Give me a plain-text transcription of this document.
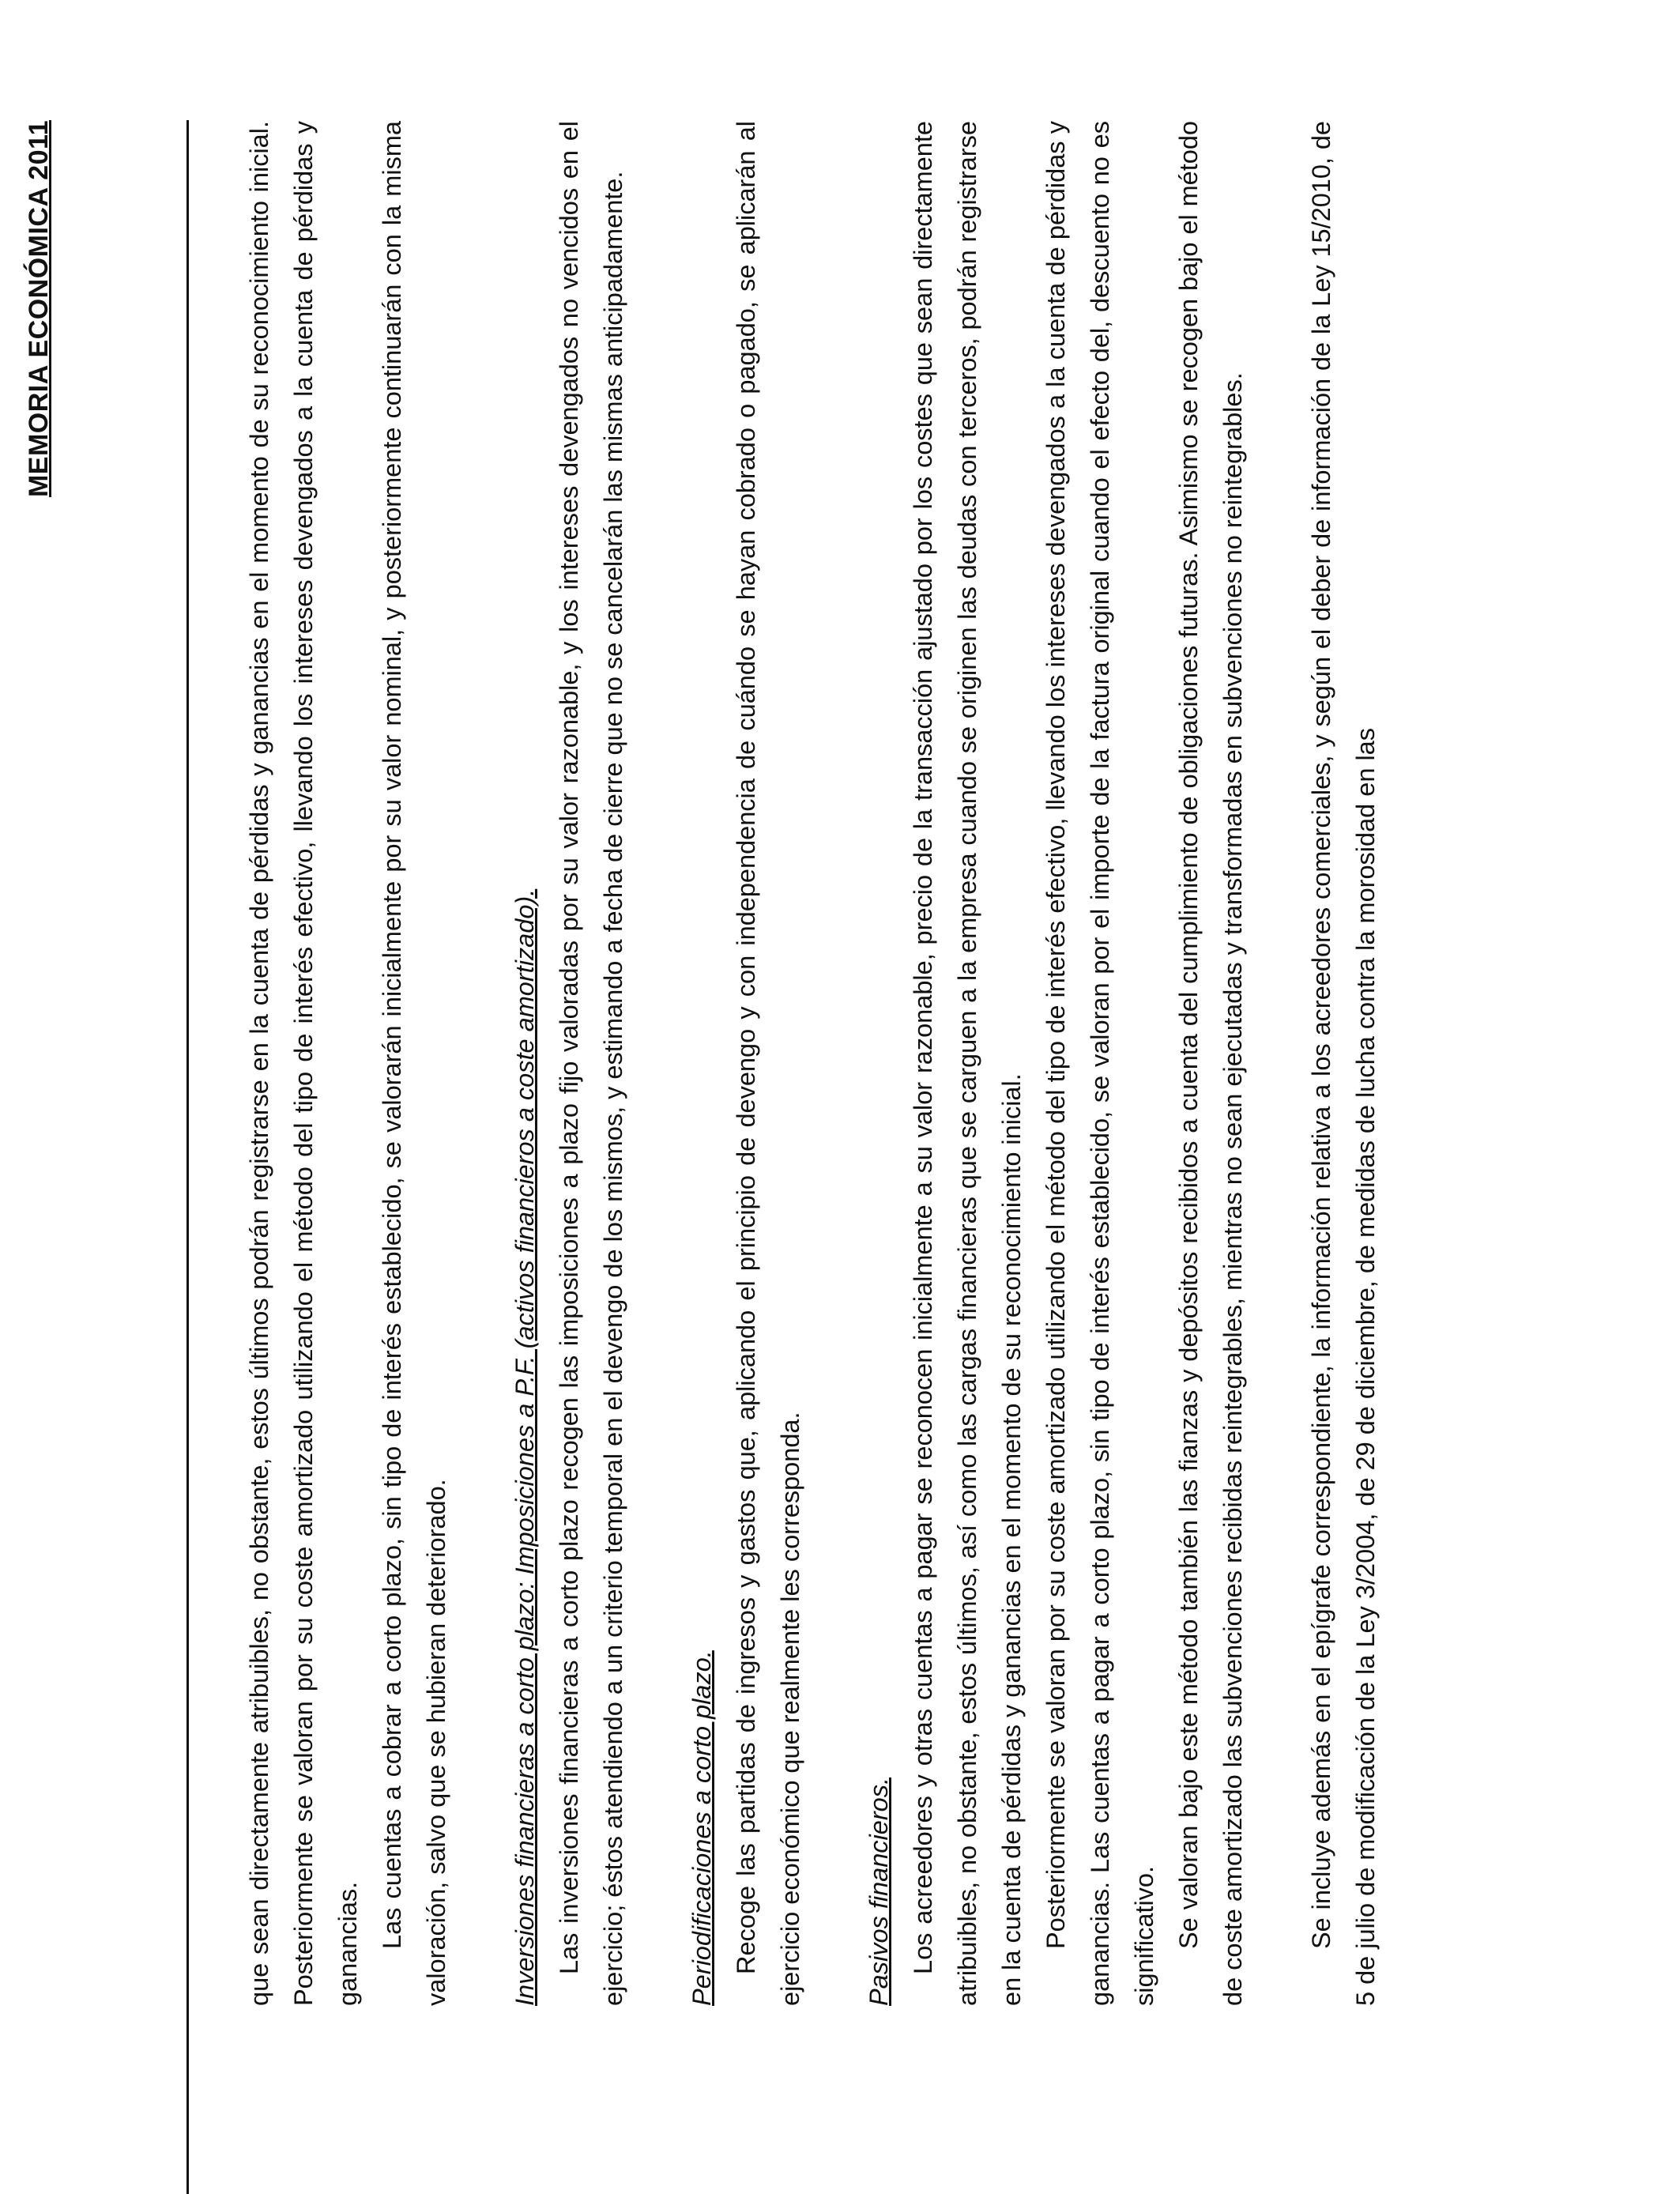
MEMORIA ECONÓMICA 2011	que sean directamente atribuibles, no obstante, estos últimos podrán registrarse en la cuenta de pérdidas y ganancias en el momento de su reconocimiento inicial. Posteriormente se valoran por su coste amortizado utilizando el método del tipo de interés efectivo, llevando los intereses devengados a la cuenta de pérdidas y ganancias. Las cuentas a cobrar a corto plazo, sin tipo de interés establecido, se valorarán inicialmente por su valor nominal, y posteriormente continuarán con la misma valoración, salvo que se hubieran deteriorado.	Inversiones financieras a corto plazo: Imposiciones a P.F. (activos financieros a coste amortizado). Las inversiones financieras a corto plazo recogen las imposiciones a plazo fijo valoradas por su valor razonable, y los intereses devengados no vencidos en el ejercicio; éstos atendiendo a un criterio temporal en el devengo de los mismos, y estimando a fecha de cierre que no se cancelarán las mismas anticipadamente.	Periodificaciones a corto plazo. Recoge las partidas de ingresos y gastos que, aplicando el principio de devengo y con independencia de cuándo se hayan cobrado o pagado, se aplicarán al ejercicio económico que realmente les corresponda.	Pasivos financieros. Los acreedores y otras cuentas a pagar se reconocen inicialmente a su valor razonable, precio de la transacción ajustado por los costes que sean directamente atribuibles, no obstante, estos últimos, así como las cargas financieras que se carguen a la empresa cuando se originen las deudas con terceros, podrán registrarse en la cuenta de pérdidas y ganancias en el momento de su reconocimiento inicial. Posteriormente se valoran por su coste amortizado utilizando el método del tipo de interés efectivo, llevando los intereses devengados a la cuenta de pérdidas y ganancias. Las cuentas a pagar a corto plazo, sin tipo de interés establecido, se valoran por el importe de la factura original cuando el efecto del, descuento no es significativo. Se valoran bajo este método también las fianzas y depósitos recibidos a cuenta del cumplimiento de obligaciones futuras. Asimismo se recogen bajo el método de coste amortizado las subvenciones recibidas reintegrables, mientras no sean ejecutadas y transformadas en subvenciones no reintegrables.	Se incluye además en el epígrafe correspondiente, la información relativa a los acreedores comerciales, y según el deber de información de la Ley 15/2010, de 5 de julio de modificación de la Ley 3/2004, de 29 de diciembre, de medidas de lucha contra la morosidad en las
